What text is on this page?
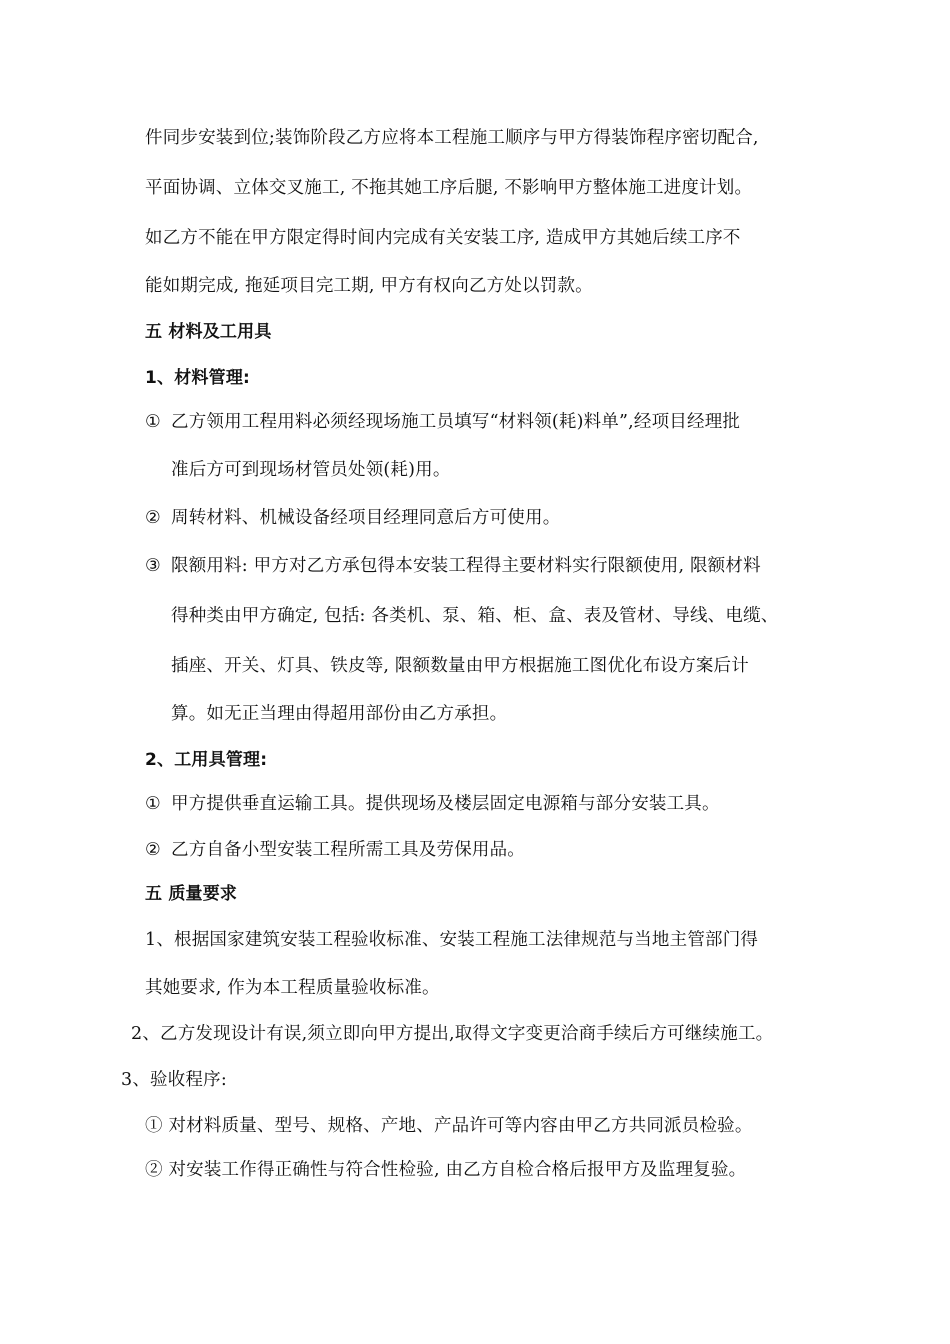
件同步安装到位;装饰阶段乙方应将本工程施工顺序与甲方得装饰程序密切配合,
平面协调、立体交叉施工, 不拖其她工序后腿, 不影响甲方整体施工进度计划。
如乙方不能在甲方限定得时间内完成有关安装工序, 造成甲方其她后续工序不
能如期完成, 拖延项目完工期, 甲方有权向乙方处以罚款。
五 材料及工用具
1、材料管理:
① 乙方领用工程用料必须经现场施工员填写“材料领(耗)料单”,经项目经理批
准后方可到现场材管员处领(耗)用。
② 周转材料、机械设备经项目经理同意后方可使用。
③ 限额用料: 甲方对乙方承包得本安装工程得主要材料实行限额使用, 限额材料
得种类由甲方确定, 包括: 各类机、泵、箱、柜、盒、表及管材、导线、电缆、
插座、开关、灯具、铁皮等, 限额数量由甲方根据施工图优化布设方案后计
算。如无正当理由得超用部份由乙方承担。
2、工用具管理:
① 甲方提供垂直运输工具。提供现场及楼层固定电源箱与部分安装工具。
② 乙方自备小型安装工程所需工具及劳保用品。
五 质量要求
1、根据国家建筑安装工程验收标准、安装工程施工法律规范与当地主管部门得
其她要求, 作为本工程质量验收标准。
2、乙方发现设计有误,须立即向甲方提出,取得文字变更洽商手续后方可继续施工。
3、验收程序:
① 对材料质量、型号、规格、产地、产品许可等内容由甲乙方共同派员检验。
② 对安装工作得正确性与符合性检验, 由乙方自检合格后报甲方及监理复验。
